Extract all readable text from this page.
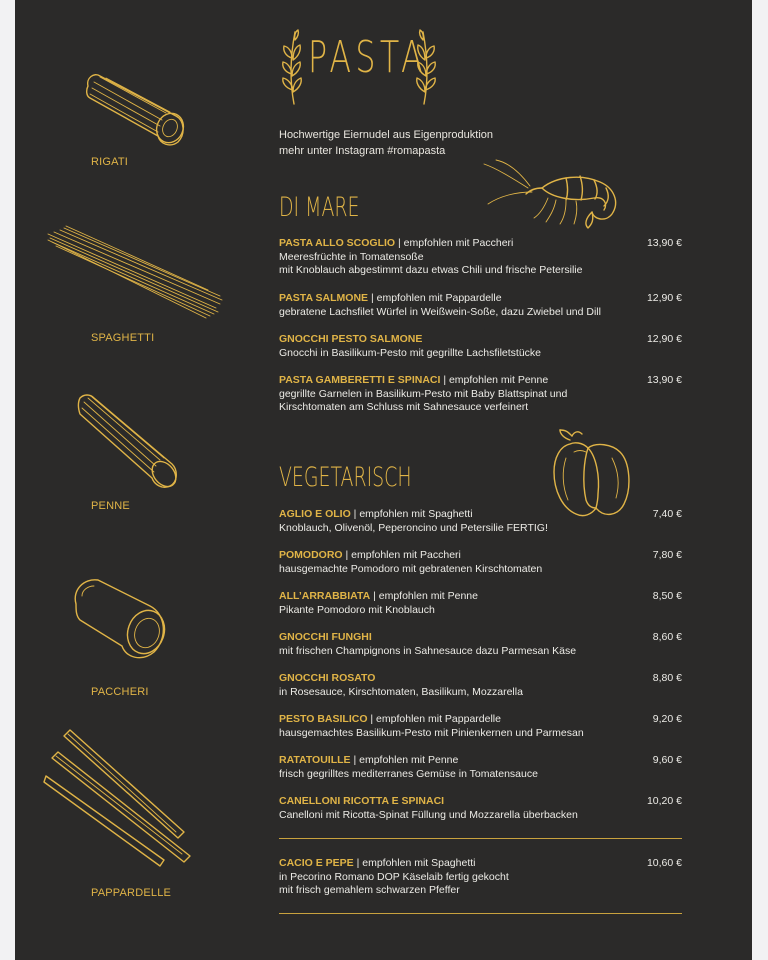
PASTA
Hochwertige Eiernudel aus Eigenproduktion
mehr unter Instagram #romapasta
DI MARE
PASTA ALLO SCOGLIO | empfohlen mit Paccheri	13,90 €
Meeresfrüchte in Tomatensoße
mit Knoblauch abgestimmt dazu etwas Chili und frische Petersilie
PASTA SALMONE | empfohlen mit Pappardelle	12,90 €
gebratene Lachsfilet Würfel in Weißwein-Soße, dazu Zwiebel und Dill
GNOCCHI PESTO SALMONE	12,90 €
Gnocchi in Basilikum-Pesto mit gegrillte Lachsfiletstücke
PASTA GAMBERETTI E SPINACI | empfohlen mit Penne	13,90 €
gegrillte Garnelen in Basilikum-Pesto mit Baby Blattspinat und
Kirschtomaten am Schluss mit Sahnesauce verfeinert
VEGETARISCH
AGLIO E OLIO | empfohlen mit Spaghetti	7,40 €
Knoblauch, Olivenöl, Peperoncino und Petersilie FERTIG!
POMODORO | empfohlen mit Paccheri	7,80 €
hausgemachte Pomodoro mit gebratenen Kirschtomaten
ALL’ARRABBIATA | empfohlen mit Penne	8,50 €
Pikante Pomodoro mit Knoblauch
GNOCCHI FUNGHI	8,60 €
mit frischen Champignons in Sahnesauce dazu Parmesan Käse
GNOCCHI ROSATO	8,80 €
in Rosesauce, Kirschtomaten, Basilikum, Mozzarella
PESTO BASILICO | empfohlen mit Pappardelle	9,20 €
hausgemachtes Basilikum-Pesto mit Pinienkernen und Parmesan
RATATOUILLE | empfohlen mit Penne	9,60 €
frisch gegrilltes mediterranes Gemüse in Tomatensauce
CANELLONI RICOTTA E SPINACI	10,20 €
Canelloni mit Ricotta-Spinat Füllung und Mozzarella überbacken
CACIO E PEPE | empfohlen mit Spaghetti	10,60 €
in Pecorino Romano DOP Käselaib fertig gekocht
mit frisch gemahlem schwarzen Pfeffer
RIGATI
SPAGHETTI
PENNE
PACCHERI
PAPPARDELLE
